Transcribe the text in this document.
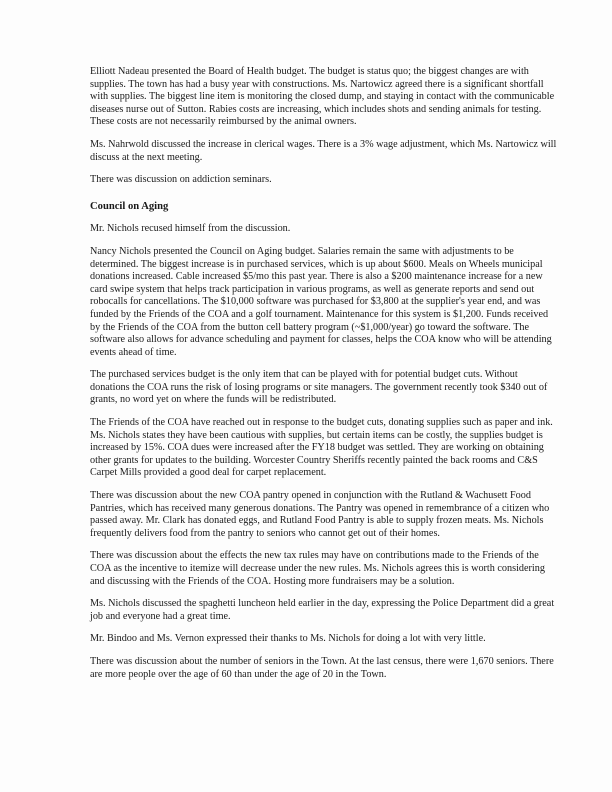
Elliott Nadeau presented the Board of Health budget. The budget is status quo; the biggest changes are with supplies. The town has had a busy year with constructions. Ms. Nartowicz agreed there is a significant shortfall with supplies. The biggest line item is monitoring the closed dump, and staying in contact with the communicable diseases nurse out of Sutton. Rabies costs are increasing, which includes shots and sending animals for testing. These costs are not necessarily reimbursed by the animal owners.

Ms. Nahrwold discussed the increase in clerical wages. There is a 3% wage adjustment, which Ms. Nartowicz will discuss at the next meeting.

There was discussion on addiction seminars.

Council on Aging

Mr. Nichols recused himself from the discussion.

Nancy Nichols presented the Council on Aging budget. Salaries remain the same with adjustments to be determined. The biggest increase is in purchased services, which is up about $600. Meals on Wheels municipal donations increased. Cable increased $5/mo this past year. There is also a $200 maintenance increase for a new card swipe system that helps track participation in various programs, as well as generate reports and send out robocalls for cancellations. The $10,000 software was purchased for $3,800 at the supplier's year end, and was funded by the Friends of the COA and a golf tournament. Maintenance for this system is $1,200. Funds received by the Friends of the COA from the button cell battery program (~$1,000/year) go toward the software. The software also allows for advance scheduling and payment for classes, helps the COA know who will be attending events ahead of time.

The purchased services budget is the only item that can be played with for potential budget cuts. Without donations the COA runs the risk of losing programs or site managers. The government recently took $340 out of grants, no word yet on where the funds will be redistributed.

The Friends of the COA have reached out in response to the budget cuts, donating supplies such as paper and ink. Ms. Nichols states they have been cautious with supplies, but certain items can be costly, the supplies budget is increased by 15%. COA dues were increased after the FY18 budget was settled. They are working on obtaining other grants for updates to the building. Worcester Country Sheriffs recently painted the back rooms and C&S Carpet Mills provided a good deal for carpet replacement.

There was discussion about the new COA pantry opened in conjunction with the Rutland & Wachusett Food Pantries, which has received many generous donations. The Pantry was opened in remembrance of a citizen who passed away. Mr. Clark has donated eggs, and Rutland Food Pantry is able to supply frozen meats. Ms. Nichols frequently delivers food from the pantry to seniors who cannot get out of their homes.

There was discussion about the effects the new tax rules may have on contributions made to the Friends of the COA as the incentive to itemize will decrease under the new rules. Ms. Nichols agrees this is worth considering and discussing with the Friends of the COA. Hosting more fundraisers may be a solution.

Ms. Nichols discussed the spaghetti luncheon held earlier in the day, expressing the Police Department did a great job and everyone had a great time.

Mr. Bindoo and Ms. Vernon expressed their thanks to Ms. Nichols for doing a lot with very little.

There was discussion about the number of seniors in the Town. At the last census, there were 1,670 seniors. There are more people over the age of 60 than under the age of 20 in the Town.
